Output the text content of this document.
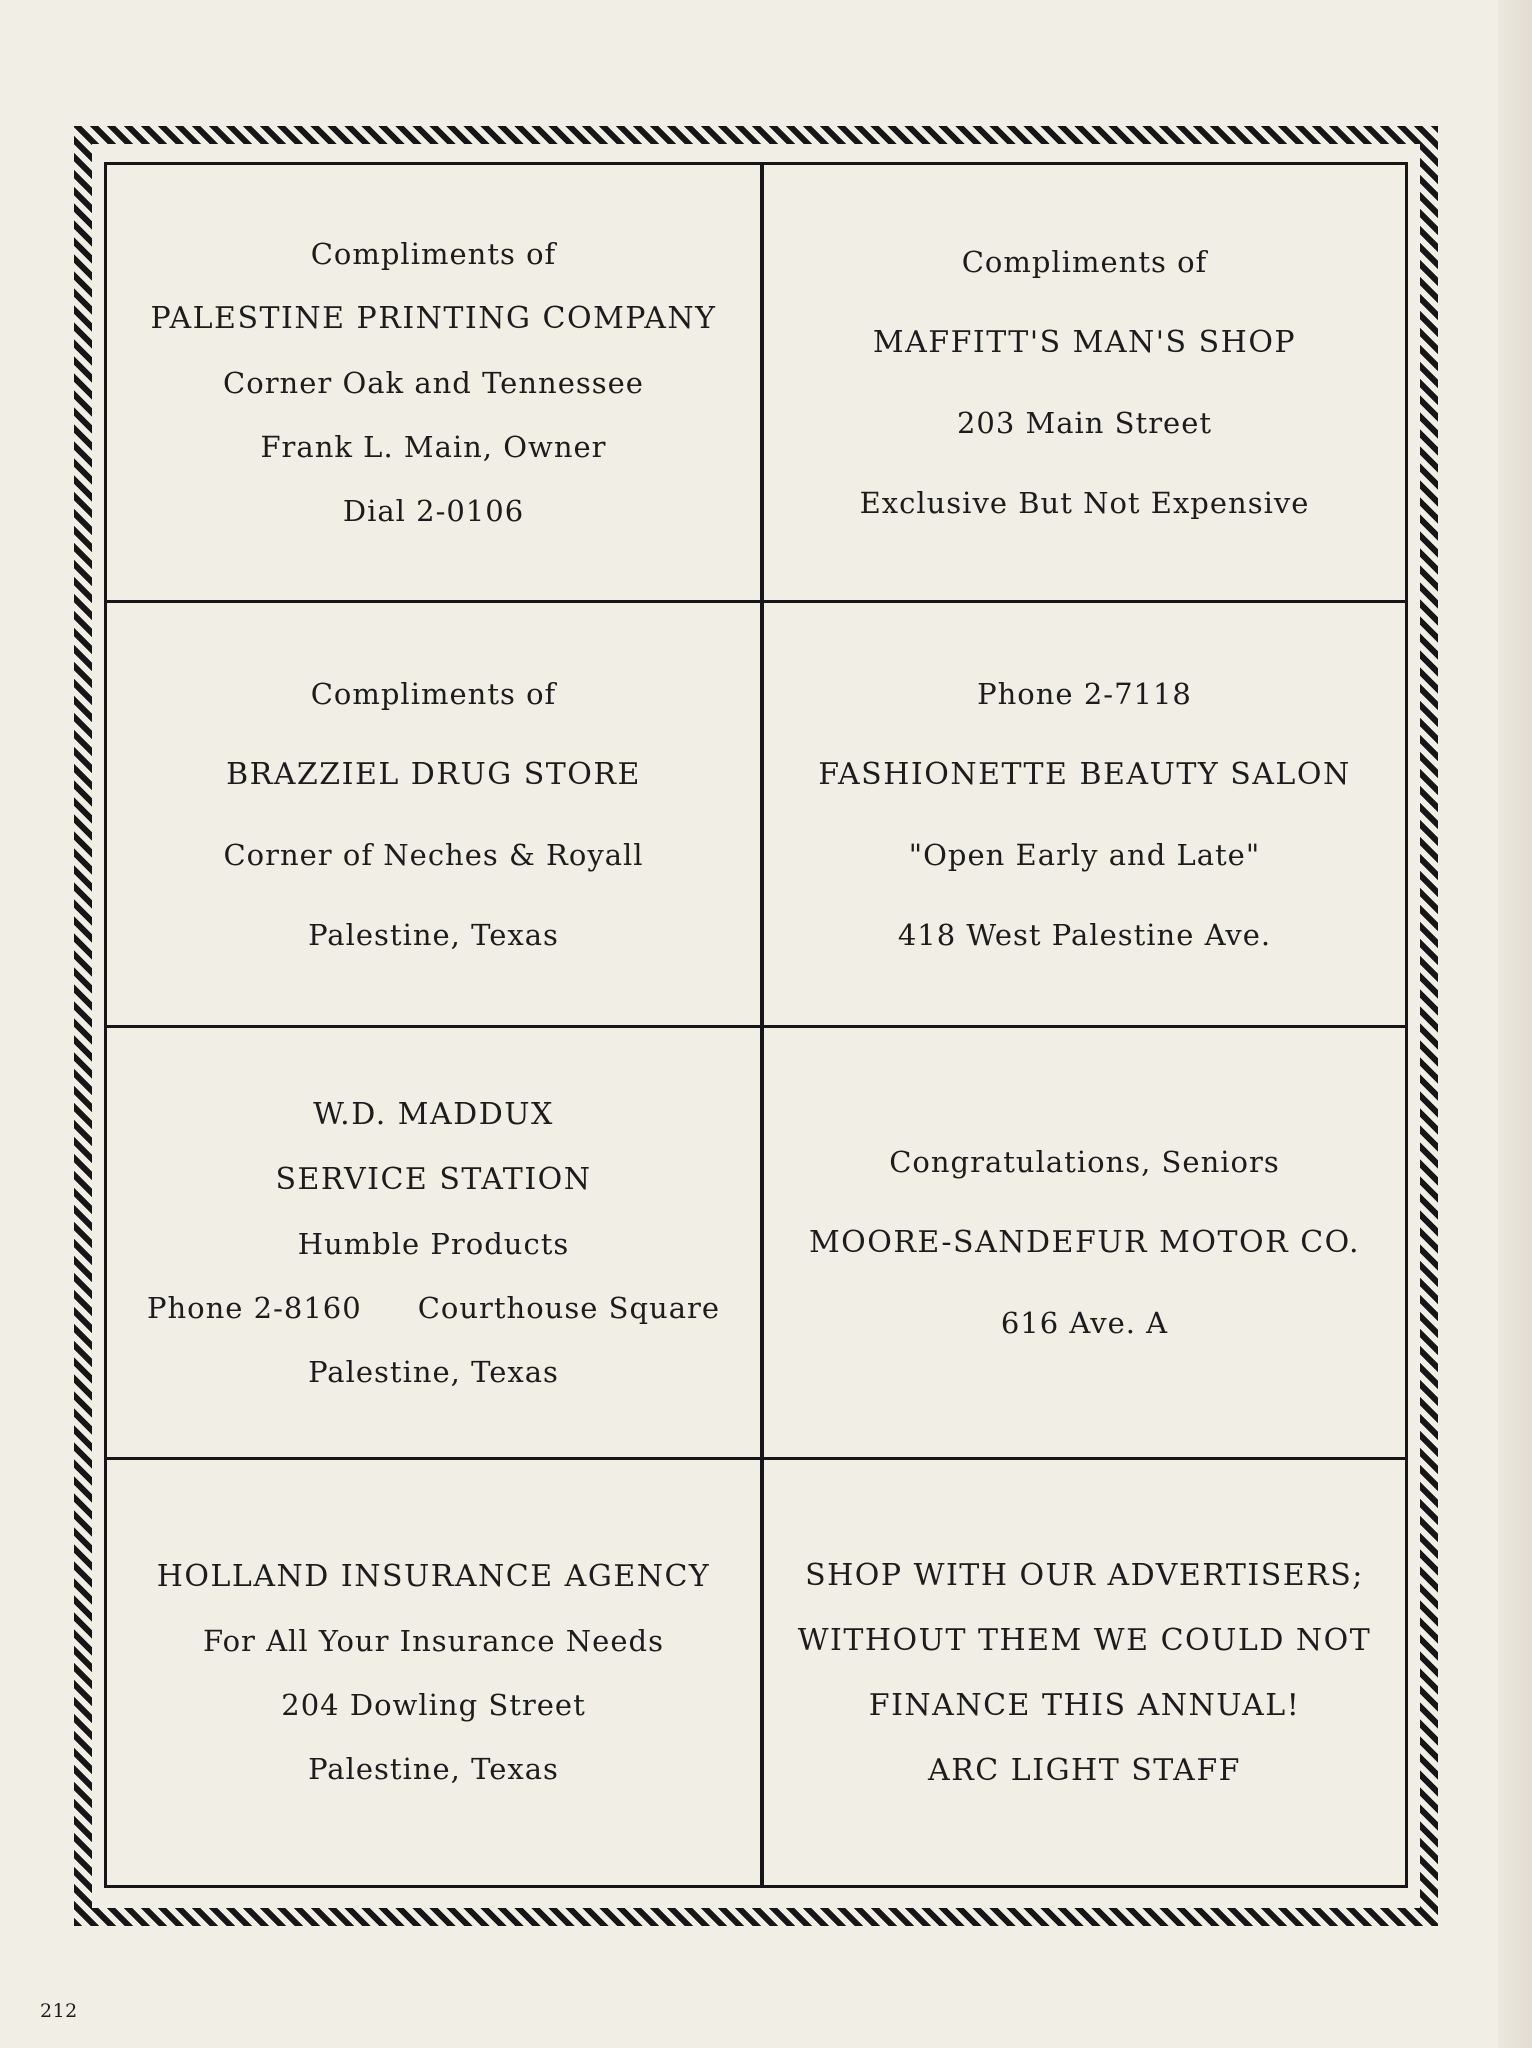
Compliments of
PALESTINE PRINTING COMPANY
Corner Oak and Tennessee
Frank L. Main, Owner
Dial 2-0106
Compliments of
MAFFITT'S MAN'S SHOP
203 Main Street
Exclusive But Not Expensive
Compliments of
BRAZZIEL DRUG STORE
Corner of Neches & Royall
Palestine, Texas
Phone 2-7118
FASHIONETTE BEAUTY SALON
"Open Early and Late"
418 West Palestine Ave.
W.D. MADDUX
SERVICE STATION
Humble Products
Phone 2-8160 Courthouse Square
Palestine, Texas
Congratulations, Seniors
MOORE-SANDEFUR MOTOR CO.
616 Ave. A
HOLLAND INSURANCE AGENCY
For All Your Insurance Needs
204 Dowling Street
Palestine, Texas
SHOP WITH OUR ADVERTISERS;
WITHOUT THEM WE COULD NOT
FINANCE THIS ANNUAL!
ARC LIGHT STAFF
212
